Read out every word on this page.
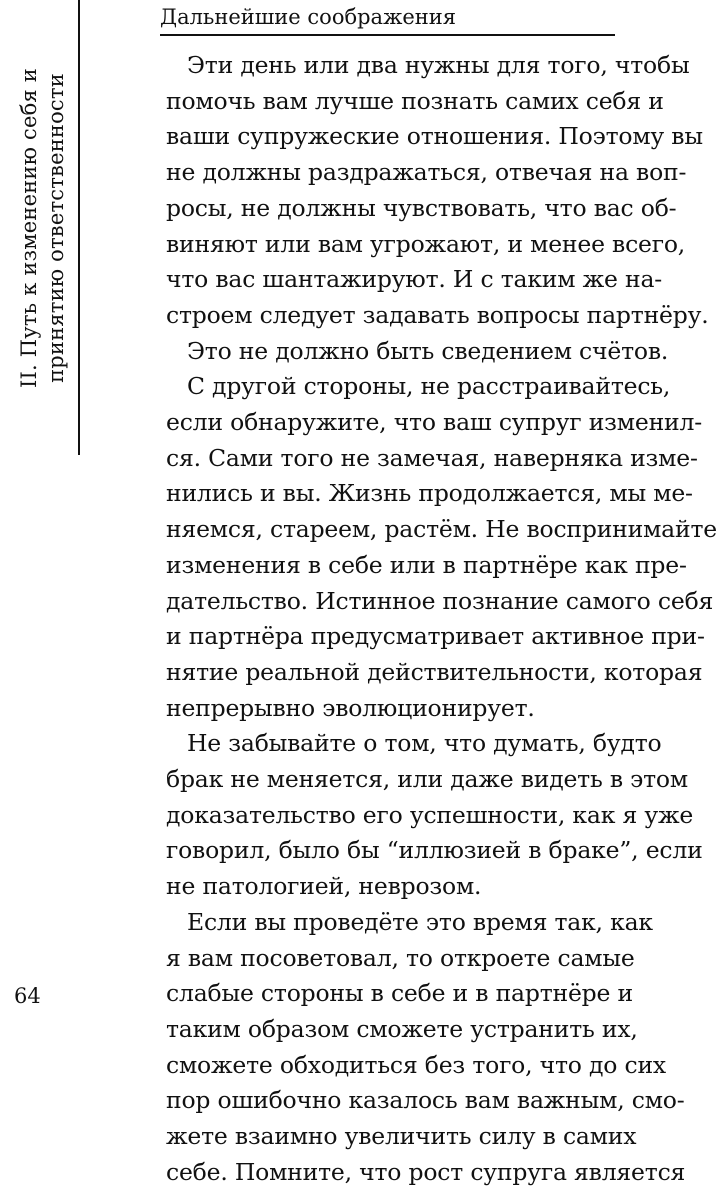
II. Путь к изменению себя и принятию ответственности
Дальнейшие соображения
Эти день или два нужны для того, чтобы
помочь вам лучше познать самих себя и
ваши супружеские отношения. Поэтому вы
не должны раздражаться, отвечая на воп-
росы, не должны чувствовать, что вас об-
виняют или вам угрожают, и менее всего,
что вас шантажируют. И с таким же на-
строем следует задавать вопросы партнёру.
Это не должно быть сведением счётов.
С другой стороны, не расстраивайтесь,
если обнаружите, что ваш супруг изменил-
ся. Сами того не замечая, наверняка изме-
нились и вы. Жизнь продолжается, мы ме-
няемся, стареем, растём. Не воспринимайте
изменения в себе или в партнёре как пре-
дательство. Истинное познание самого себя
и партнёра предусматривает активное при-
нятие реальной действительности, которая
непрерывно эволюционирует.
Не забывайте о том, что думать, будто
брак не меняется, или даже видеть в этом
доказательство его успешности, как я уже
говорил, было бы “иллюзией в браке”, если
не патологией, неврозом.
Если вы проведёте это время так, как
я вам посоветовал, то откроете самые
слабые стороны в себе и в партнёре и
таким образом сможете устранить их,
сможете обходиться без того, что до сих
пор ошибочно казалось вам важным, смо-
жете взаимно увеличить силу в самих
себе. Помните, что рост супруга является
64
